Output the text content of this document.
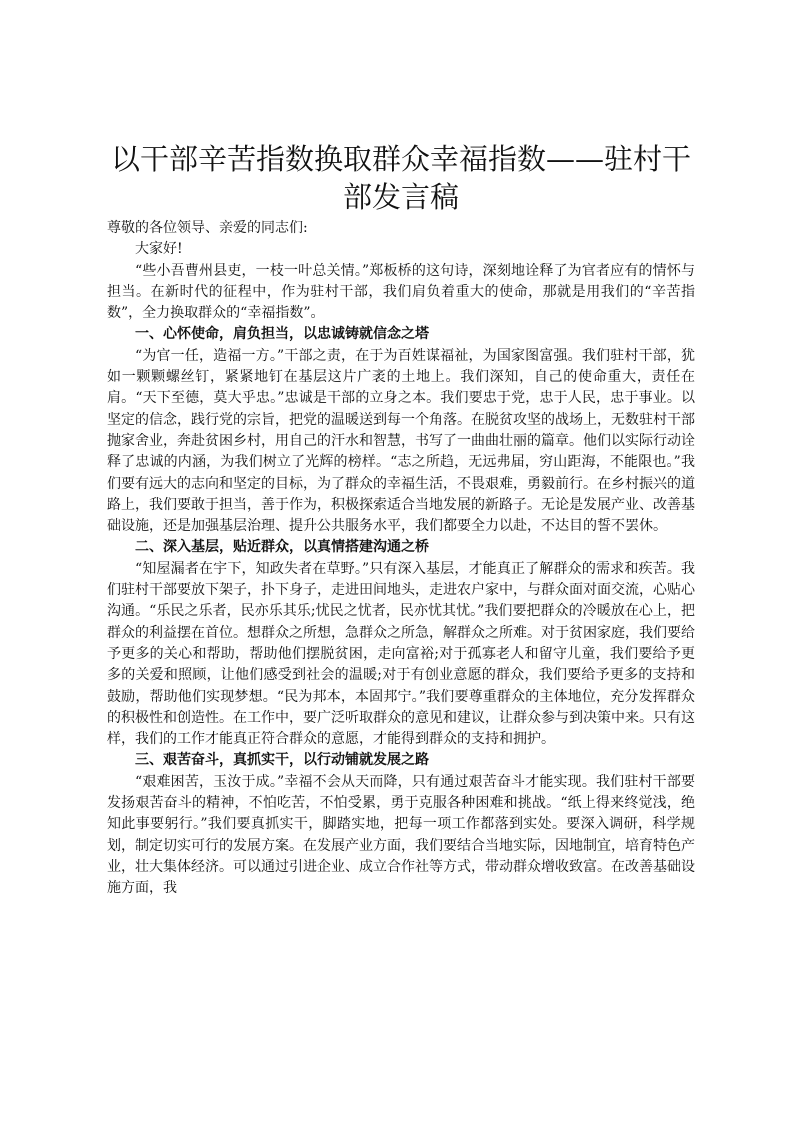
以干部辛苦指数换取群众幸福指数——驻村干部发言稿

尊敬的各位领导、亲爱的同志们:

大家好!

“些小吾曹州县吏，一枝一叶总关情。”郑板桥的这句诗，深刻地诠释了为官者应有的情怀与担当。在新时代的征程中，作为驻村干部，我们肩负着重大的使命，那就是用我们的“辛苦指数”，全力换取群众的“幸福指数”。

一、心怀使命，肩负担当，以忠诚铸就信念之塔

“为官一任，造福一方。”干部之责，在于为百姓谋福祉，为国家图富强。我们驻村干部，犹如一颗颗螺丝钉，紧紧地钉在基层这片广袤的土地上。我们深知，自己的使命重大，责任在肩。“天下至德，莫大乎忠。”忠诚是干部的立身之本。我们要忠于党，忠于人民，忠于事业。以坚定的信念，践行党的宗旨，把党的温暖送到每一个角落。在脱贫攻坚的战场上，无数驻村干部抛家舍业，奔赴贫困乡村，用自己的汗水和智慧，书写了一曲曲壮丽的篇章。他们以实际行动诠释了忠诚的内涵，为我们树立了光辉的榜样。“志之所趋，无远弗届，穷山距海，不能限也。”我们要有远大的志向和坚定的目标，为了群众的幸福生活，不畏艰难，勇毅前行。在乡村振兴的道路上，我们要敢于担当，善于作为，积极探索适合当地发展的新路子。无论是发展产业、改善基础设施，还是加强基层治理、提升公共服务水平，我们都要全力以赴，不达目的誓不罢休。

二、深入基层，贴近群众，以真情搭建沟通之桥

“知屋漏者在宇下，知政失者在草野。”只有深入基层，才能真正了解群众的需求和疾苦。我们驻村干部要放下架子，扑下身子，走进田间地头，走进农户家中，与群众面对面交流，心贴心沟通。“乐民之乐者，民亦乐其乐;忧民之忧者，民亦忧其忧。”我们要把群众的冷暖放在心上，把群众的利益摆在首位。想群众之所想，急群众之所急，解群众之所难。对于贫困家庭，我们要给予更多的关心和帮助，帮助他们摆脱贫困，走向富裕;对于孤寡老人和留守儿童，我们要给予更多的关爱和照顾，让他们感受到社会的温暖;对于有创业意愿的群众，我们要给予更多的支持和鼓励，帮助他们实现梦想。“民为邦本，本固邦宁。”我们要尊重群众的主体地位，充分发挥群众的积极性和创造性。在工作中，要广泛听取群众的意见和建议，让群众参与到决策中来。只有这样，我们的工作才能真正符合群众的意愿，才能得到群众的支持和拥护。

三、艰苦奋斗，真抓实干，以行动铺就发展之路

“艰难困苦，玉汝于成。”幸福不会从天而降，只有通过艰苦奋斗才能实现。我们驻村干部要发扬艰苦奋斗的精神，不怕吃苦，不怕受累，勇于克服各种困难和挑战。“纸上得来终觉浅，绝知此事要躬行。”我们要真抓实干，脚踏实地，把每一项工作都落到实处。要深入调研，科学规划，制定切实可行的发展方案。在发展产业方面，我们要结合当地实际，因地制宜，培育特色产业，壮大集体经济。可以通过引进企业、成立合作社等方式，带动群众增收致富。在改善基础设施方面，我
